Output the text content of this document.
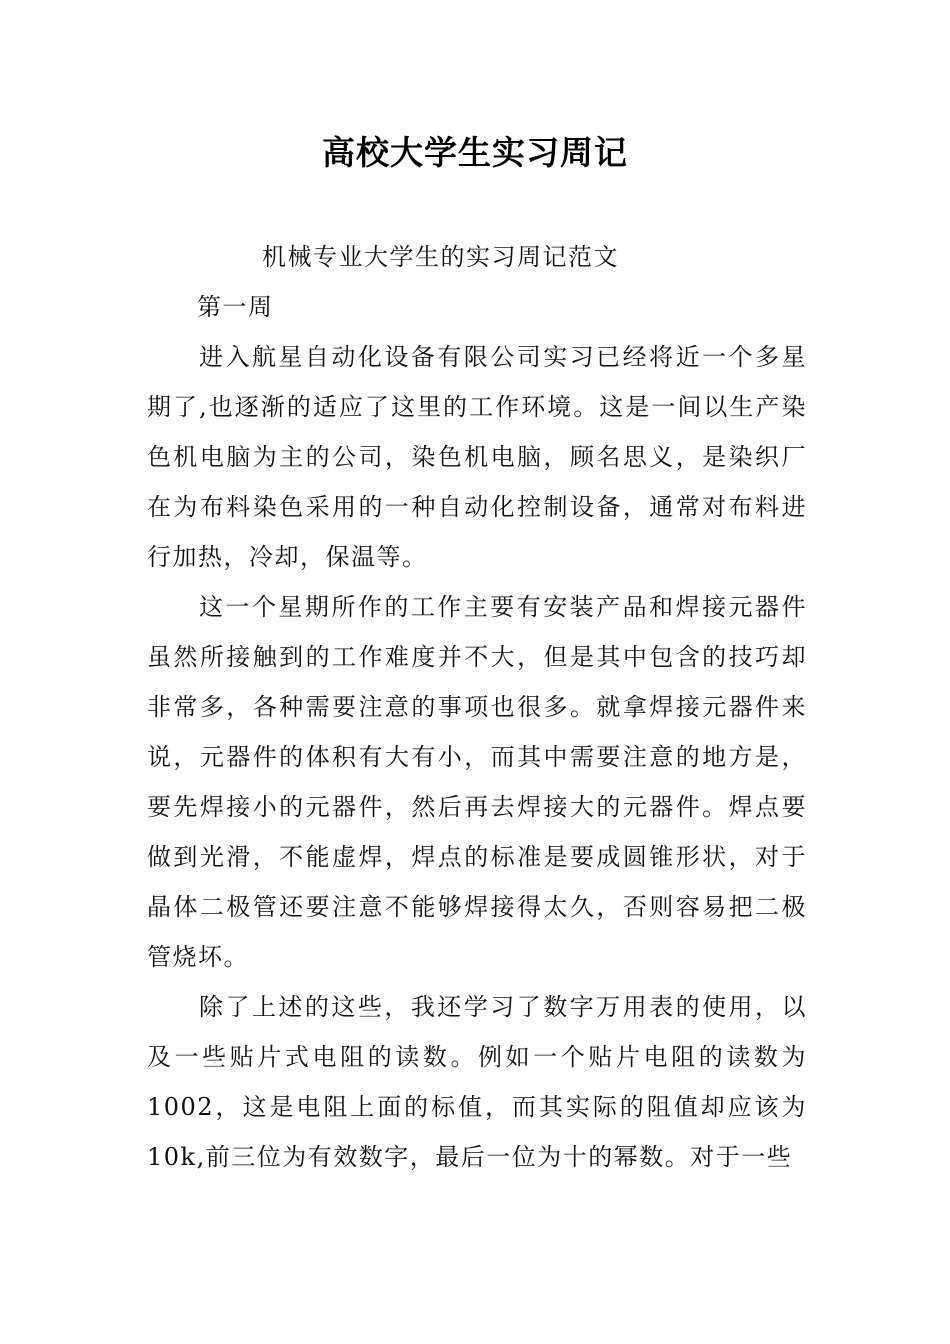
高校大学生实习周记

机械专业大学生的实习周记范文

第一周

进入航星自动化设备有限公司实习已经将近一个多星期了,也逐渐的适应了这里的工作环境。这是一间以生产染色机电脑为主的公司，染色机电脑，顾名思义，是染织厂在为布料染色采用的一种自动化控制设备，通常对布料进行加热，冷却，保温等。

这一个星期所作的工作主要有安装产品和焊接元器件虽然所接触到的工作难度并不大，但是其中包含的技巧却非常多，各种需要注意的事项也很多。就拿焊接元器件来说，元器件的体积有大有小，而其中需要注意的地方是，要先焊接小的元器件，然后再去焊接大的元器件。焊点要做到光滑，不能虚焊，焊点的标准是要成圆锥形状，对于晶体二极管还要注意不能够焊接得太久，否则容易把二极管烧坏。

除了上述的这些，我还学习了数字万用表的使用，以及一些贴片式电阻的读数。例如一个贴片电阻的读数为1002，这是电阻上面的标值，而其实际的阻值却应该为10k,前三位为有效数字，最后一位为十的幂数。对于一些
